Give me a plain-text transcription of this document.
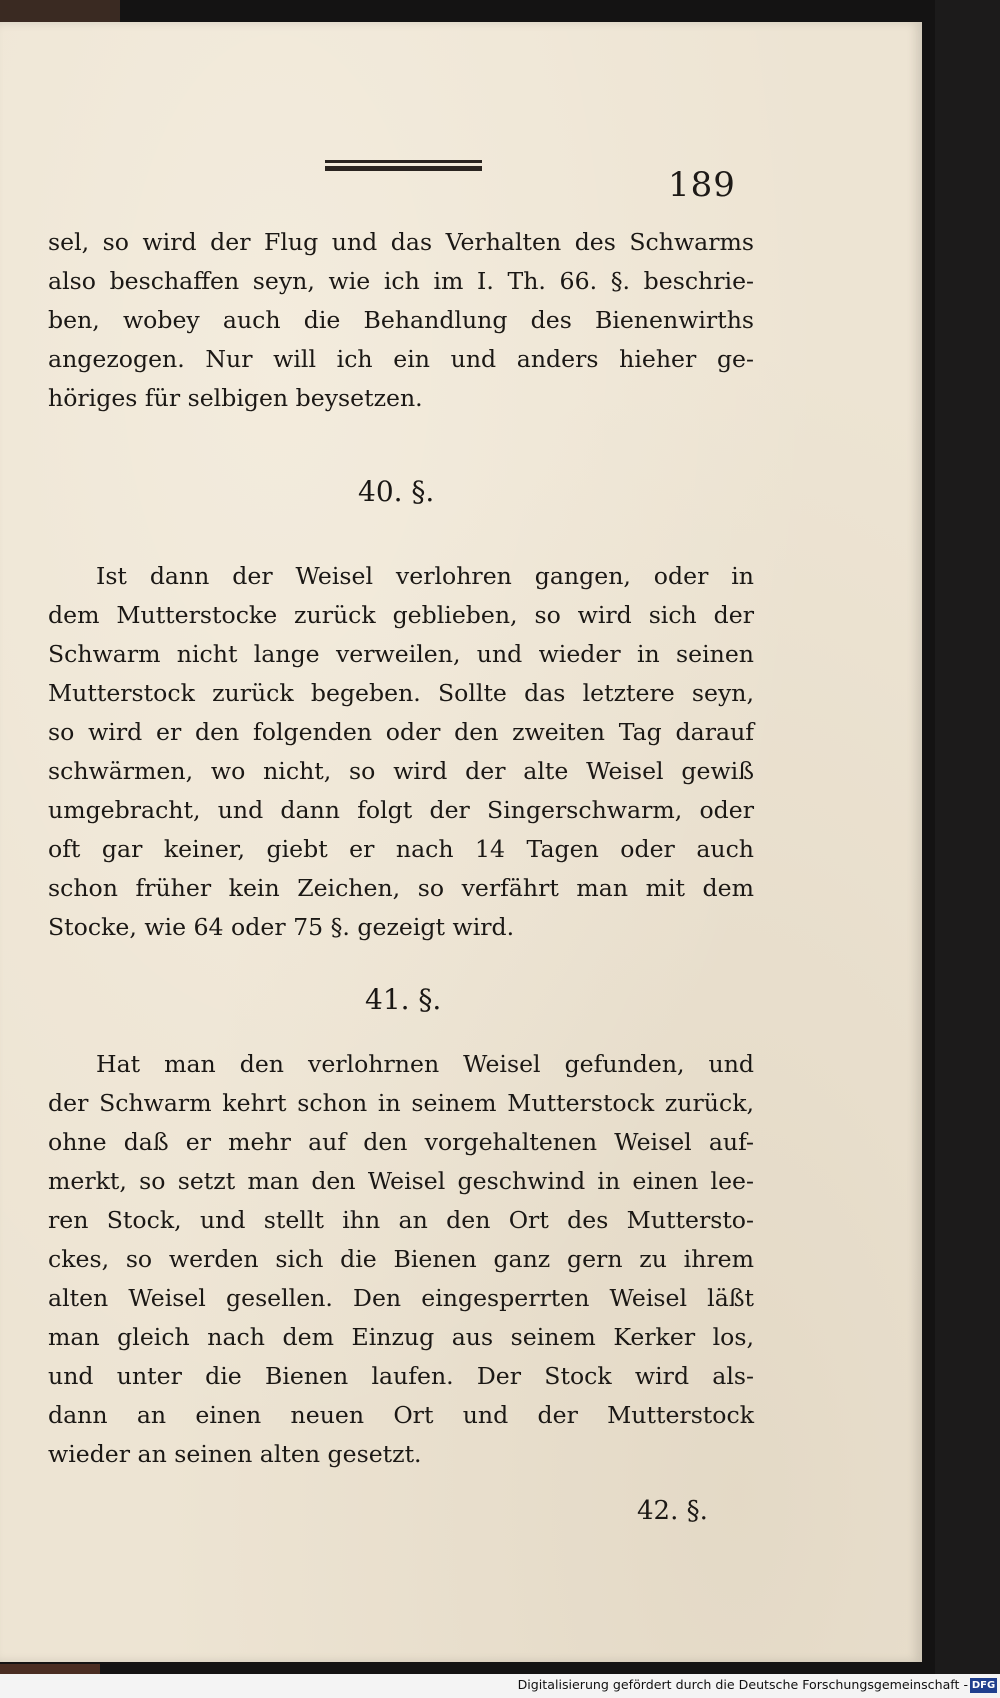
189
sel, so wird der Flug und das Verhalten des Schwarms
also beschaffen seyn, wie ich im I. Th. 66. §. beschrie-
ben, wobey auch die Behandlung des Bienenwirths
angezogen. Nur will ich ein und anders hieher ge-
höriges für selbigen beysetzen.
40. §.
Ist dann der Weisel verlohren gangen, oder in
dem Mutterstocke zurück geblieben, so wird sich der
Schwarm nicht lange verweilen, und wieder in seinen
Mutterstock zurück begeben. Sollte das letztere seyn,
so wird er den folgenden oder den zweiten Tag darauf
schwärmen, wo nicht, so wird der alte Weisel gewiß
umgebracht, und dann folgt der Singerschwarm, oder
oft gar keiner, giebt er nach 14 Tagen oder auch
schon früher kein Zeichen, so verfährt man mit dem
Stocke, wie 64 oder 75 §. gezeigt wird.
41. §.
Hat man den verlohrnen Weisel gefunden, und
der Schwarm kehrt schon in seinem Mutterstock zurück,
ohne daß er mehr auf den vorgehaltenen Weisel auf-
merkt, so setzt man den Weisel geschwind in einen lee-
ren Stock, und stellt ihn an den Ort des Muttersto-
ckes, so werden sich die Bienen ganz gern zu ihrem
alten Weisel gesellen. Den eingesperrten Weisel läßt
man gleich nach dem Einzug aus seinem Kerker los,
und unter die Bienen laufen. Der Stock wird als-
dann an einen neuen Ort und der Mutterstock
wieder an seinen alten gesetzt.
42. §.
Digitalisierung gefördert durch die Deutsche Forschungsgemeinschaft - DFG
